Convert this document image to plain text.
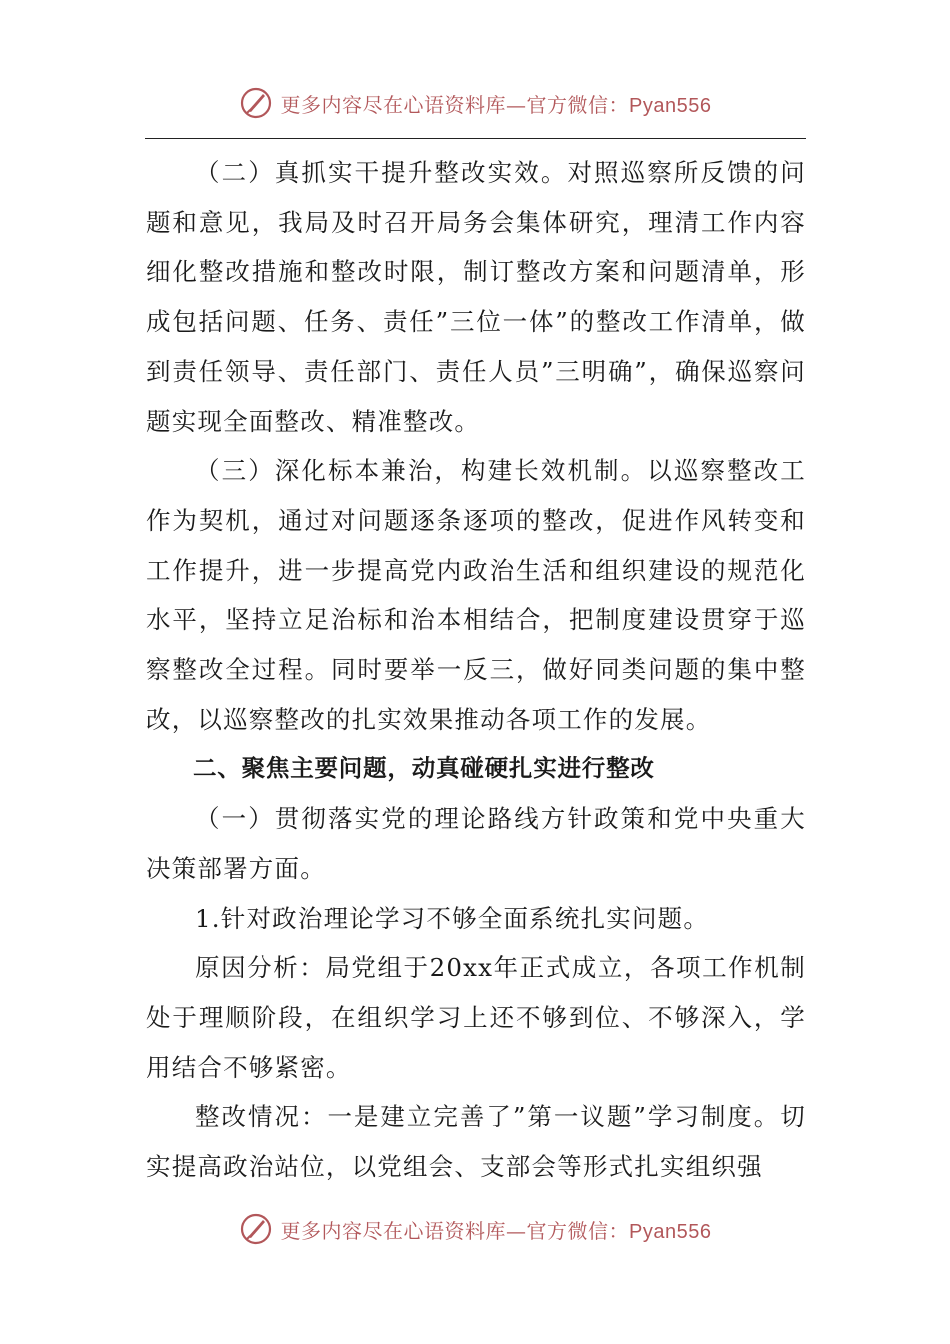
更多内容尽在心语资料库—官方微信：Pyan556

（二）真抓实干提升整改实效。对照巡察所反馈的问题和意见，我局及时召开局务会集体研究，理清工作内容细化整改措施和整改时限，制订整改方案和问题清单，形成包括问题、任务、责任”三位一体”的整改工作清单，做到责任领导、责任部门、责任人员”三明确”，确保巡察问题实现全面整改、精准整改。

（三）深化标本兼治，构建长效机制。以巡察整改工作为契机，通过对问题逐条逐项的整改，促进作风转变和工作提升，进一步提高党内政治生活和组织建设的规范化水平，坚持立足治标和治本相结合，把制度建设贯穿于巡察整改全过程。同时要举一反三，做好同类问题的集中整改，以巡察整改的扎实效果推动各项工作的发展。

二、聚焦主要问题，动真碰硬扎实进行整改

（一）贯彻落实党的理论路线方针政策和党中央重大决策部署方面。

1.针对政治理论学习不够全面系统扎实问题。

原因分析：局党组于20xx年正式成立，各项工作机制处于理顺阶段，在组织学习上还不够到位、不够深入，学用结合不够紧密。

整改情况：一是建立完善了”第一议题”学习制度。切实提高政治站位，以党组会、支部会等形式扎实组织强

更多内容尽在心语资料库—官方微信：Pyan556
